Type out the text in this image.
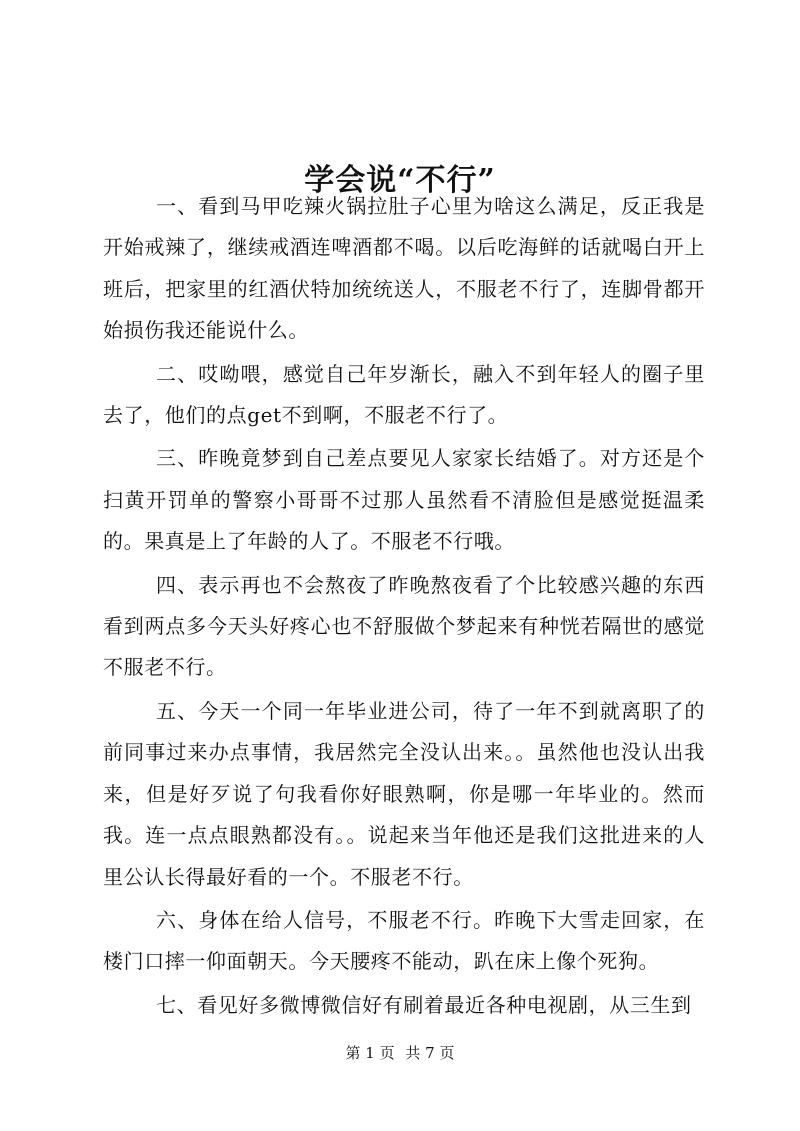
学会说“不行”

一、看到马甲吃辣火锅拉肚子心里为啥这么满足，反正我是开始戒辣了，继续戒酒连啤酒都不喝。以后吃海鲜的话就喝白开上班后，把家里的红酒伏特加统统送人，不服老不行了，连脚骨都开始损伤我还能说什么。

二、哎呦喂，感觉自己年岁渐长，融入不到年轻人的圈子里去了，他们的点get不到啊，不服老不行了。

三、昨晚竟梦到自己差点要见人家家长结婚了。对方还是个扫黄开罚单的警察小哥哥不过那人虽然看不清脸但是感觉挺温柔的。果真是上了年龄的人了。不服老不行哦。

四、表示再也不会熬夜了昨晚熬夜看了个比较感兴趣的东西看到两点多今天头好疼心也不舒服做个梦起来有种恍若隔世的感觉不服老不行。

五、今天一个同一年毕业进公司，待了一年不到就离职了的前同事过来办点事情，我居然完全没认出来。。虽然他也没认出我来，但是好歹说了句我看你好眼熟啊，你是哪一年毕业的。然而我。连一点点眼熟都没有。。说起来当年他还是我们这批进来的人里公认长得最好看的一个。不服老不行。

六、身体在给人信号，不服老不行。昨晚下大雪走回家，在楼门口摔一仰面朝天。今天腰疼不能动，趴在床上像个死狗。

七、看见好多微博微信好有刷着最近各种电视剧，从三生到

第 1 页 共 7 页
